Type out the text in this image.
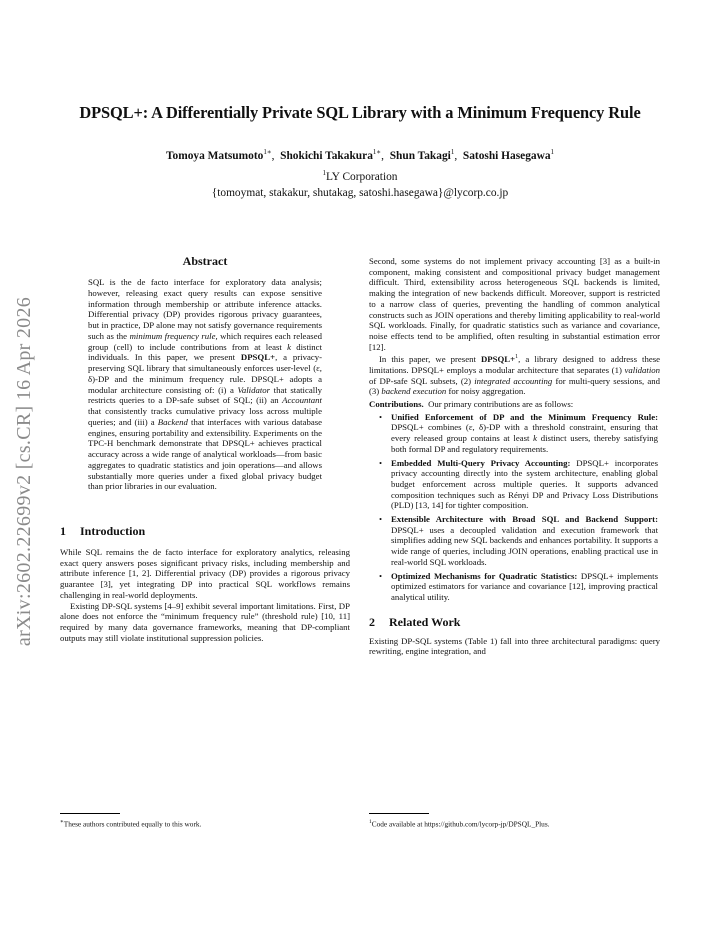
arXiv:2602.22699v2 [cs.CR] 16 Apr 2026
DPSQL+: A Differentially Private SQL Library with a Minimum Frequency Rule
Tomoya Matsumoto$^{1∗}$,  Shokichi Takakura$^{1∗}$,  Shun Takagi$^1$,  Satoshi Hasegawa$^1$
$^1$LY Corporation
{tomoymat, stakakur, shutakag, satoshi.hasegawa}@lycorp.co.jp
Abstract

SQL is the de facto interface for exploratory data analysis; however, releasing exact query results can expose sensitive information through membership or attribute inference attacks. Differential privacy (DP) provides rigorous privacy guarantees, but in practice, DP alone may not satisfy governance requirements such as the minimum frequency rule, which requires each released group (cell) to include contributions from at least k distinct individuals. In this paper, we present DPSQL+, a privacy-preserving SQL library that simultaneously enforces user-level (ε, δ)-DP and the minimum frequency rule. DPSQL+ adopts a modular architecture consisting of: (i) a Validator that statically restricts queries to a DP-safe subset of SQL; (ii) an Accountant that consistently tracks cumulative privacy loss across multiple queries; and (iii) a Backend that interfaces with various database engines, ensuring portability and extensibility. Experiments on the TPC-H benchmark demonstrate that DPSQL+ achieves practical accuracy across a wide range of analytical workloads—from basic aggregates to quadratic statistics and join operations—and allows substantially more queries under a fixed global privacy budget than prior libraries in our evaluation.

1 Introduction

While SQL remains the de facto interface for exploratory analytics, releasing exact query answers poses significant privacy risks, including membership and attribute inference [1, 2]. Differential privacy (DP) provides a rigorous privacy guarantee [3], yet integrating DP into practical SQL workflows remains challenging in real-world deployments.

Existing DP-SQL systems [4–9] exhibit several important limitations. First, DP alone does not enforce the “minimum frequency rule” (threshold rule) [10, 11] required by many data governance frameworks, meaning that DP-compliant outputs may still violate institutional suppression policies.

Second, some systems do not implement privacy accounting [3] as a built-in component, making consistent and compositional privacy budget management difficult. Third, extensibility across heterogeneous SQL backends is limited, making the integration of new backends difficult. Moreover, support is restricted to a narrow class of queries, preventing the handling of common analytical constructs such as JOIN operations and thereby limiting applicability to real-world SQL workloads. Finally, for quadratic statistics such as variance and covariance, noise effects tend to be amplified, often resulting in substantial estimation error [12].

In this paper, we present DPSQL+$^1$, a library designed to address these limitations. DPSQL+ employs a modular architecture that separates (1) validation of DP-safe SQL subsets, (2) integrated accounting for multi-query sessions, and (3) backend execution for noisy aggregation.

Contributions.  Our primary contributions are as follows:

• Unified Enforcement of DP and the Minimum Frequency Rule: DPSQL+ combines (ε, δ)-DP with a threshold constraint, ensuring that every released group contains at least k distinct users, thereby satisfying both formal DP and regulatory requirements.
• Embedded Multi-Query Privacy Accounting: DPSQL+ incorporates privacy accounting directly into the system architecture, enabling global budget enforcement across multiple queries. It supports advanced composition techniques such as Rényi DP and Privacy Loss Distributions (PLD) [13, 14] for tighter composition.
• Extensible Architecture with Broad SQL and Backend Support: DPSQL+ uses a decoupled validation and execution framework that simplifies adding new SQL backends and enhances portability. It supports a wide range of queries, including JOIN operations, enabling practical use in real-world SQL workloads.
• Optimized Mechanisms for Quadratic Statistics: DPSQL+ implements optimized estimators for variance and covariance [12], improving practical analytical utility.
2 Related Work

Existing DP-SQL systems (Table 1) fall into three architectural paradigms: query rewriting, engine integration, and

∗These authors contributed equally to this work.	$^1$Code available at https://github.com/lycorp-jp/DPSQL_Plus.
